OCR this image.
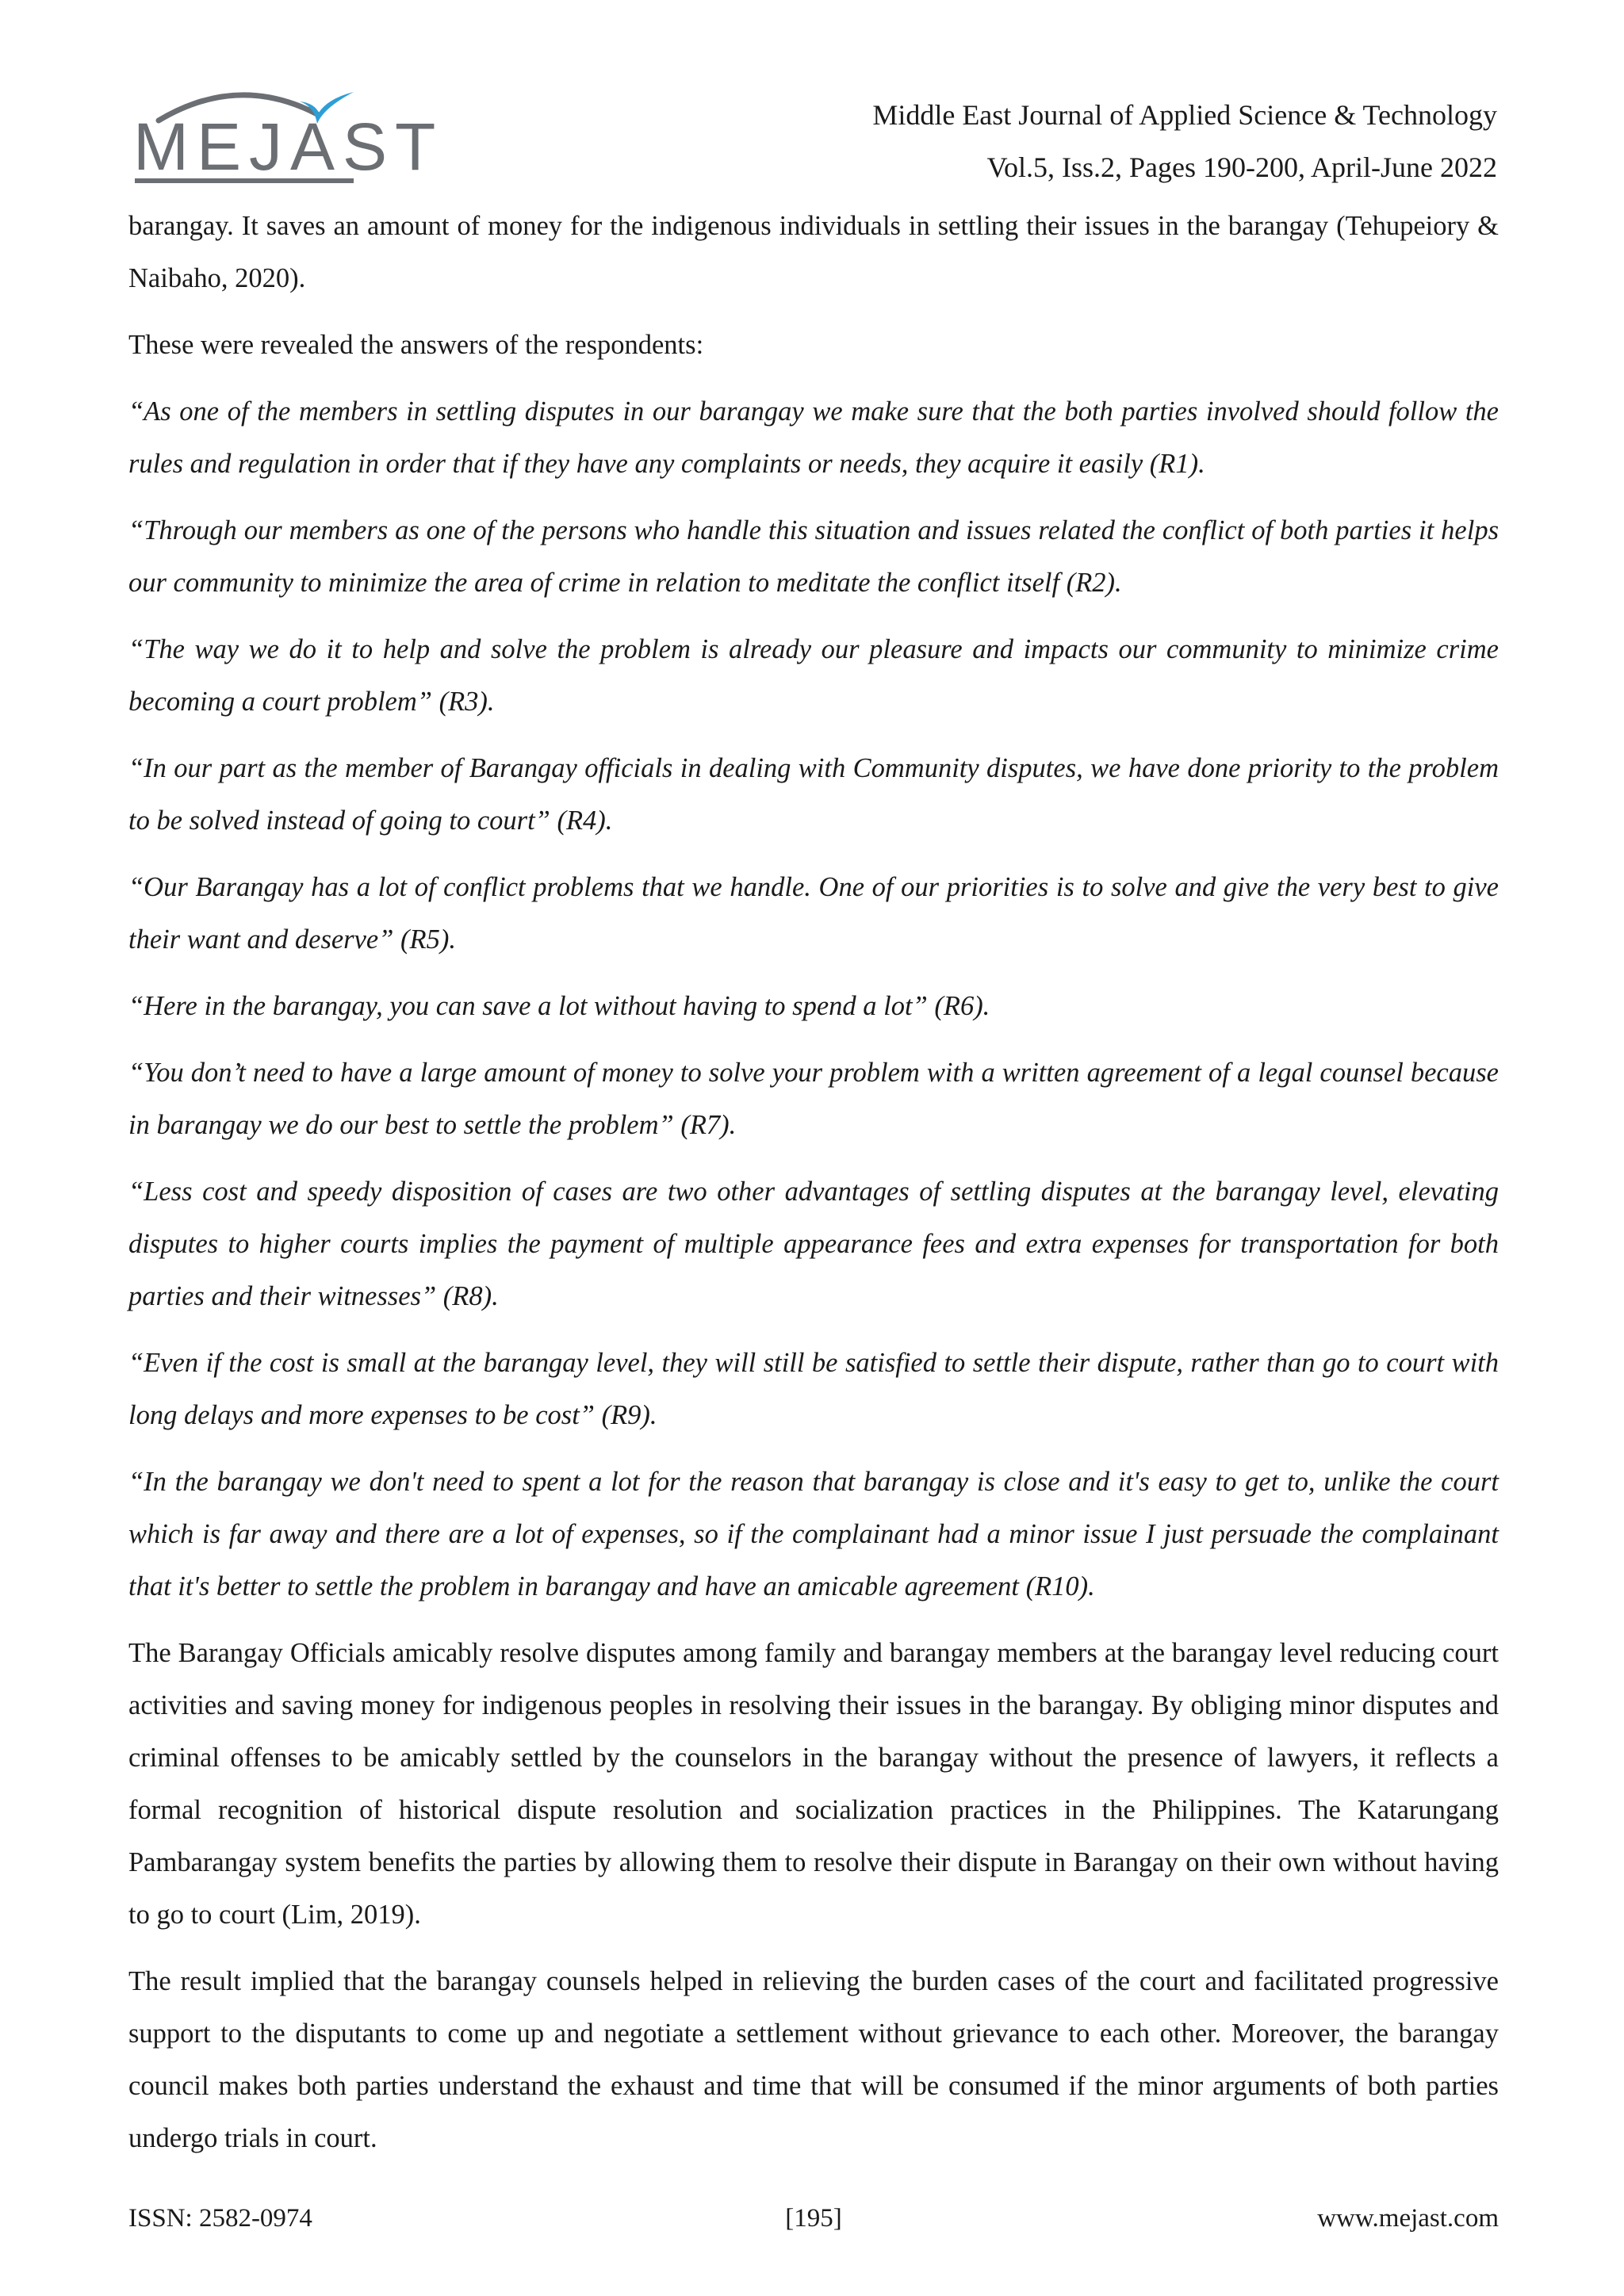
MEJAST	Middle East Journal of Applied Science & Technology
Vol.5, Iss.2, Pages 190-200, April-June 2022

barangay. It saves an amount of money for the indigenous individuals in settling their issues in the barangay (Tehupeiory & Naibaho, 2020).

These were revealed the answers of the respondents:

“As one of the members in settling disputes in our barangay we make sure that the both parties involved should follow the rules and regulation in order that if they have any complaints or needs, they acquire it easily (R1).

“Through our members as one of the persons who handle this situation and issues related the conflict of both parties it helps our community to minimize the area of crime in relation to meditate the conflict itself (R2).

“The way we do it to help and solve the problem is already our pleasure and impacts our community to minimize crime becoming a court problem” (R3).

“In our part as the member of Barangay officials in dealing with Community disputes, we have done priority to the problem to be solved instead of going to court” (R4).

“Our Barangay has a lot of conflict problems that we handle. One of our priorities is to solve and give the very best to give their want and deserve” (R5).

“Here in the barangay, you can save a lot without having to spend a lot” (R6).

“You don’t need to have a large amount of money to solve your problem with a written agreement of a legal counsel because in barangay we do our best to settle the problem” (R7).

“Less cost and speedy disposition of cases are two other advantages of settling disputes at the barangay level, elevating disputes to higher courts implies the payment of multiple appearance fees and extra expenses for transportation for both parties and their witnesses” (R8).

“Even if the cost is small at the barangay level, they will still be satisfied to settle their dispute, rather than go to court with long delays and more expenses to be cost” (R9).

“In the barangay we don't need to spent a lot for the reason that barangay is close and it's easy to get to, unlike the court which is far away and there are a lot of expenses, so if the complainant had a minor issue I just persuade the complainant that it's better to settle the problem in barangay and have an amicable agreement (R10).

The Barangay Officials amicably resolve disputes among family and barangay members at the barangay level reducing court activities and saving money for indigenous peoples in resolving their issues in the barangay. By obliging minor disputes and criminal offenses to be amicably settled by the counselors in the barangay without the presence of lawyers, it reflects a formal recognition of historical dispute resolution and socialization practices in the Philippines. The Katarungang Pambarangay system benefits the parties by allowing them to resolve their dispute in Barangay on their own without having to go to court (Lim, 2019).

The result implied that the barangay counsels helped in relieving the burden cases of the court and facilitated progressive support to the disputants to come up and negotiate a settlement without grievance to each other. Moreover, the barangay council makes both parties understand the exhaust and time that will be consumed if the minor arguments of both parties undergo trials in court.

ISSN: 2582-0974	[195]	www.mejast.com
